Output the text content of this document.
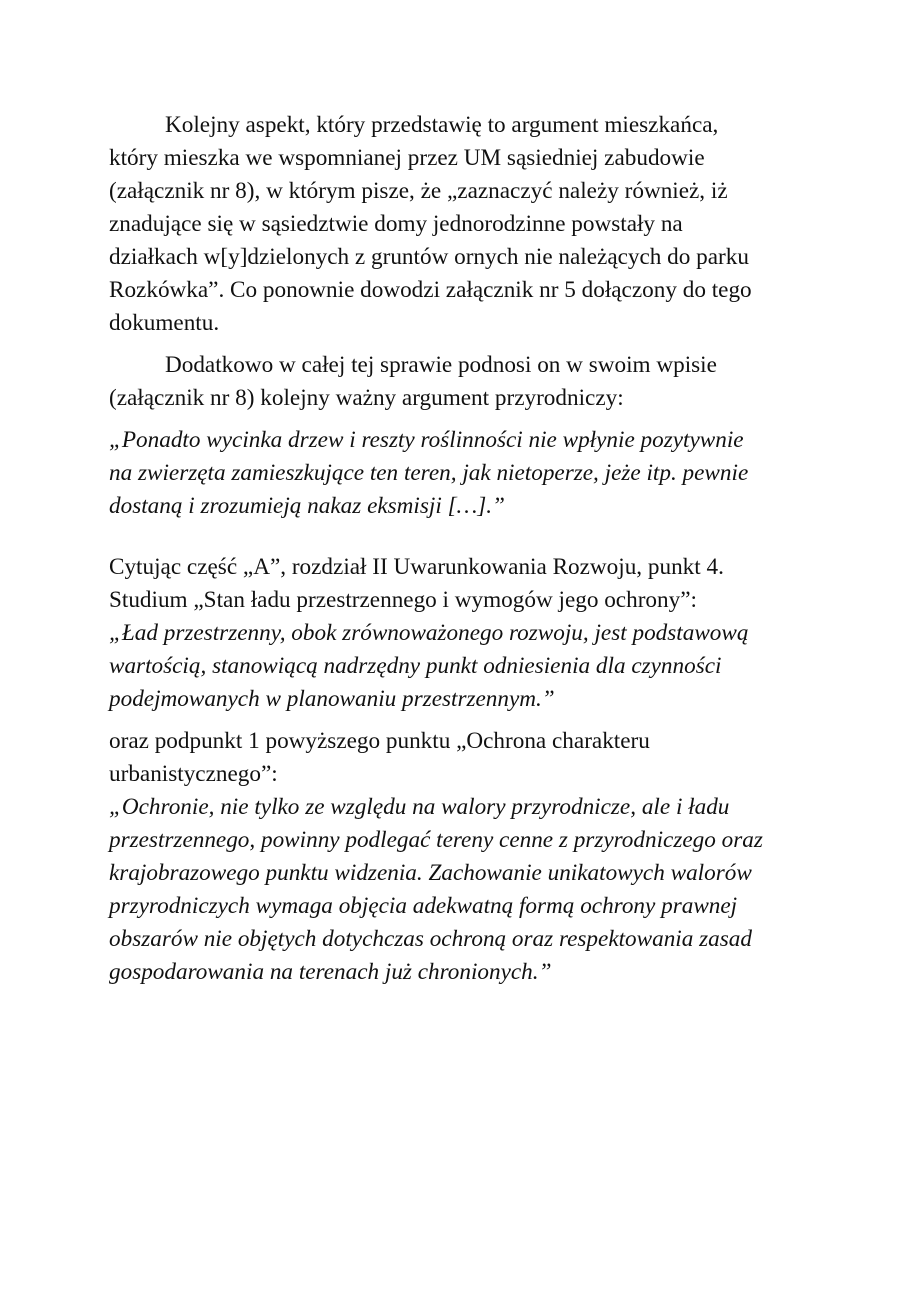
Kolejny aspekt, który przedstawię to argument mieszkańca,
który mieszka we wspomnianej przez UM sąsiedniej zabudowie
(załącznik nr 8), w którym pisze, że „zaznaczyć należy również, iż
znadujące się w sąsiedztwie domy jednorodzinne powstały na
działkach w[y]dzielonych z gruntów ornych nie należących do parku
Rozkówka”. Co ponownie dowodzi załącznik nr 5 dołączony do tego
dokumentu.

Dodatkowo w całej tej sprawie podnosi on w swoim wpisie
(załącznik nr 8) kolejny ważny argument przyrodniczy:

„Ponadto wycinka drzew i reszty roślinności nie wpłynie pozytywnie
na zwierzęta zamieszkujące ten teren, jak nietoperze, jeże itp. pewnie
dostaną i zrozumieją nakaz eksmisji […].”

Cytując część „A”, rozdział II Uwarunkowania Rozwoju, punkt 4.
Studium „Stan ładu przestrzennego i wymogów jego ochrony”:

„Ład przestrzenny, obok zrównoważonego rozwoju, jest podstawową
wartością, stanowiącą nadrzędny punkt odniesienia dla czynności
podejmowanych w planowaniu przestrzennym.”

oraz podpunkt 1 powyższego punktu „Ochrona charakteru
urbanistycznego”:

„Ochronie, nie tylko ze względu na walory przyrodnicze, ale i ładu
przestrzennego, powinny podlegać tereny cenne z przyrodniczego oraz
krajobrazowego punktu widzenia. Zachowanie unikatowych walorów
przyrodniczych wymaga objęcia adekwatną formą ochrony prawnej
obszarów nie objętych dotychczas ochroną oraz respektowania zasad
gospodarowania na terenach już chronionych.”
